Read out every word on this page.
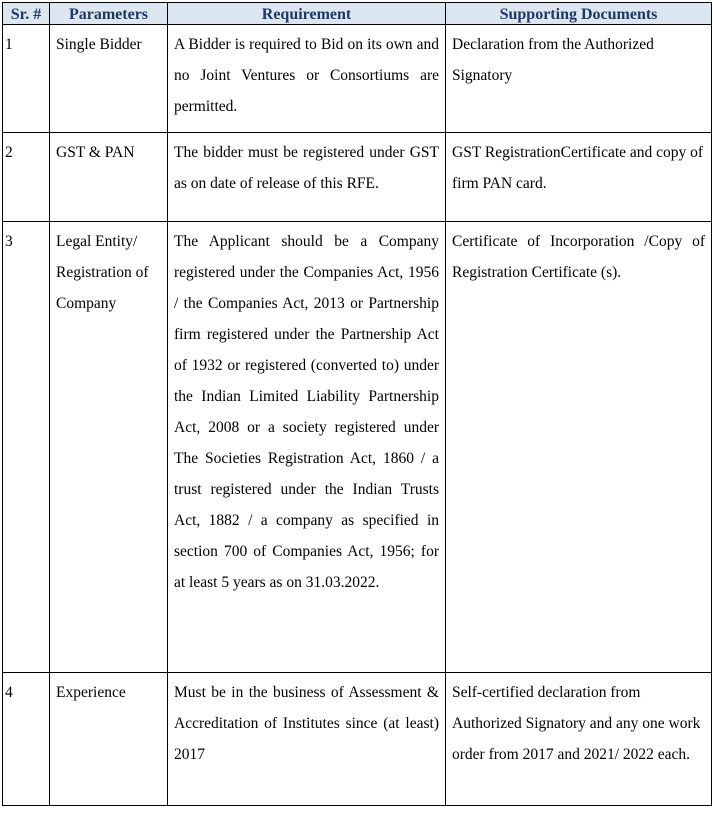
Sr. #	Parameters	Requirement	Supporting Documents
1	Single Bidder	A Bidder is required to Bid on its own and no Joint Ventures or Consortiums are permitted.	Declaration from the Authorized Signatory
2	GST & PAN	The bidder must be registered under GST as on date of release of this RFE.	GST RegistrationCertificate and copy of firm PAN card.
3	Legal Entity/ Registration of Company	The Applicant should be a Company registered under the Companies Act, 1956 / the Companies Act, 2013 or Partnership firm registered under the Partnership Act of 1932 or registered (converted to) under the Indian Limited Liability Partnership Act, 2008 or a society registered under The Societies Registration Act, 1860 / a trust registered under the Indian Trusts Act, 1882 / a company as specified in section 700 of Companies Act, 1956; for at least 5 years as on 31.03.2022.	Certificate of Incorporation /Copy of Registration Certificate (s).
4	Experience	Must be in the business of Assessment & Accreditation of Institutes since (at least) 2017	Self-certified declaration from Authorized Signatory and any one work order from 2017 and 2021/ 2022 each.
